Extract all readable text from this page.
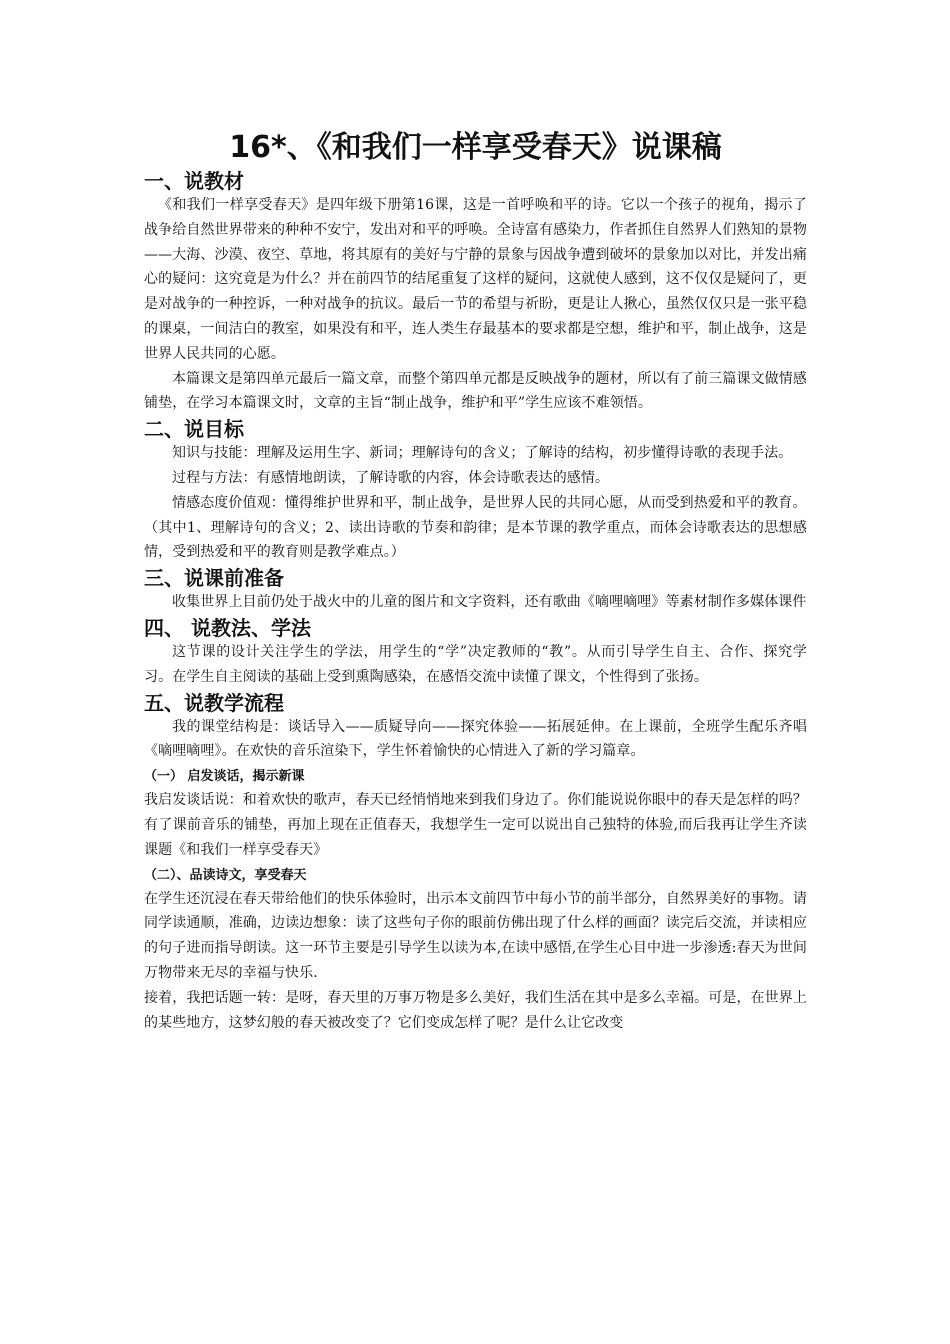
16*、《和我们一样享受春天》说课稿
一、说教材

《和我们一样享受春天》是四年级下册第16课，这是一首呼唤和平的诗。它以一个孩子的视角，揭示了战争给自然世界带来的种种不安宁，发出对和平的呼唤。全诗富有感染力，作者抓住自然界人们熟知的景物——大海、沙漠、夜空、草地，将其原有的美好与宁静的景象与因战争遭到破坏的景象加以对比，并发出痛心的疑问：这究竟是为什么？并在前四节的结尾重复了这样的疑问，这就使人感到，这不仅仅是疑问了，更是对战争的一种控诉，一种对战争的抗议。最后一节的希望与祈盼，更是让人揪心，虽然仅仅只是一张平稳的课桌，一间洁白的教室，如果没有和平，连人类生存最基本的要求都是空想，维护和平，制止战争，这是世界人民共同的心愿。

本篇课文是第四单元最后一篇文章，而整个第四单元都是反映战争的题材，所以有了前三篇课文做情感铺垫，在学习本篇课文时，文章的主旨“制止战争，维护和平”学生应该不难领悟。

二、说目标

知识与技能：理解及运用生字、新词；理解诗句的含义；了解诗的结构，初步懂得诗歌的表现手法。

过程与方法：有感情地朗读，了解诗歌的内容，体会诗歌表达的感情。

情感态度价值观：懂得维护世界和平，制止战争，是世界人民的共同心愿，从而受到热爱和平的教育。

（其中1、理解诗句的含义；2、读出诗歌的节奏和韵律；是本节课的教学重点，而体会诗歌表达的思想感情，受到热爱和平的教育则是教学难点。）

三、说课前准备

收集世界上目前仍处于战火中的儿童的图片和文字资料，还有歌曲《嘀哩嘀哩》等素材制作多媒体课件

四、 说教法、学法

这节课的设计关注学生的学法，用学生的“学”决定教师的“教”。从而引导学生自主、合作、探究学习。在学生自主阅读的基础上受到熏陶感染，在感悟交流中读懂了课文，个性得到了张扬。

五、说教学流程

我的课堂结构是：谈话导入——质疑导向——探究体验——拓展延伸。在上课前，全班学生配乐齐唱《嘀哩嘀哩》。在欢快的音乐渲染下，学生怀着愉快的心情进入了新的学习篇章。

（一） 启发谈话，揭示新课

我启发谈话说：和着欢快的歌声，春天已经悄悄地来到我们身边了。你们能说说你眼中的春天是怎样的吗？有了课前音乐的铺垫，再加上现在正值春天，我想学生一定可以说出自己独特的体验,而后我再让学生齐读课题《和我们一样享受春天》

（二）、品读诗文，享受春天

在学生还沉浸在春天带给他们的快乐体验时，出示本文前四节中每小节的前半部分，自然界美好的事物。请同学读通顺，准确，边读边想象：读了这些句子你的眼前仿佛出现了什么样的画面？读完后交流，并读相应的句子进而指导朗读。这一环节主要是引导学生以读为本,在读中感悟,在学生心目中进一步渗透:春天为世间万物带来无尽的幸福与快乐.

接着，我把话题一转：是呀，春天里的万事万物是多么美好，我们生活在其中是多么幸福。可是，在世界上的某些地方，这梦幻般的春天被改变了？它们变成怎样了呢？是什么让它改变
